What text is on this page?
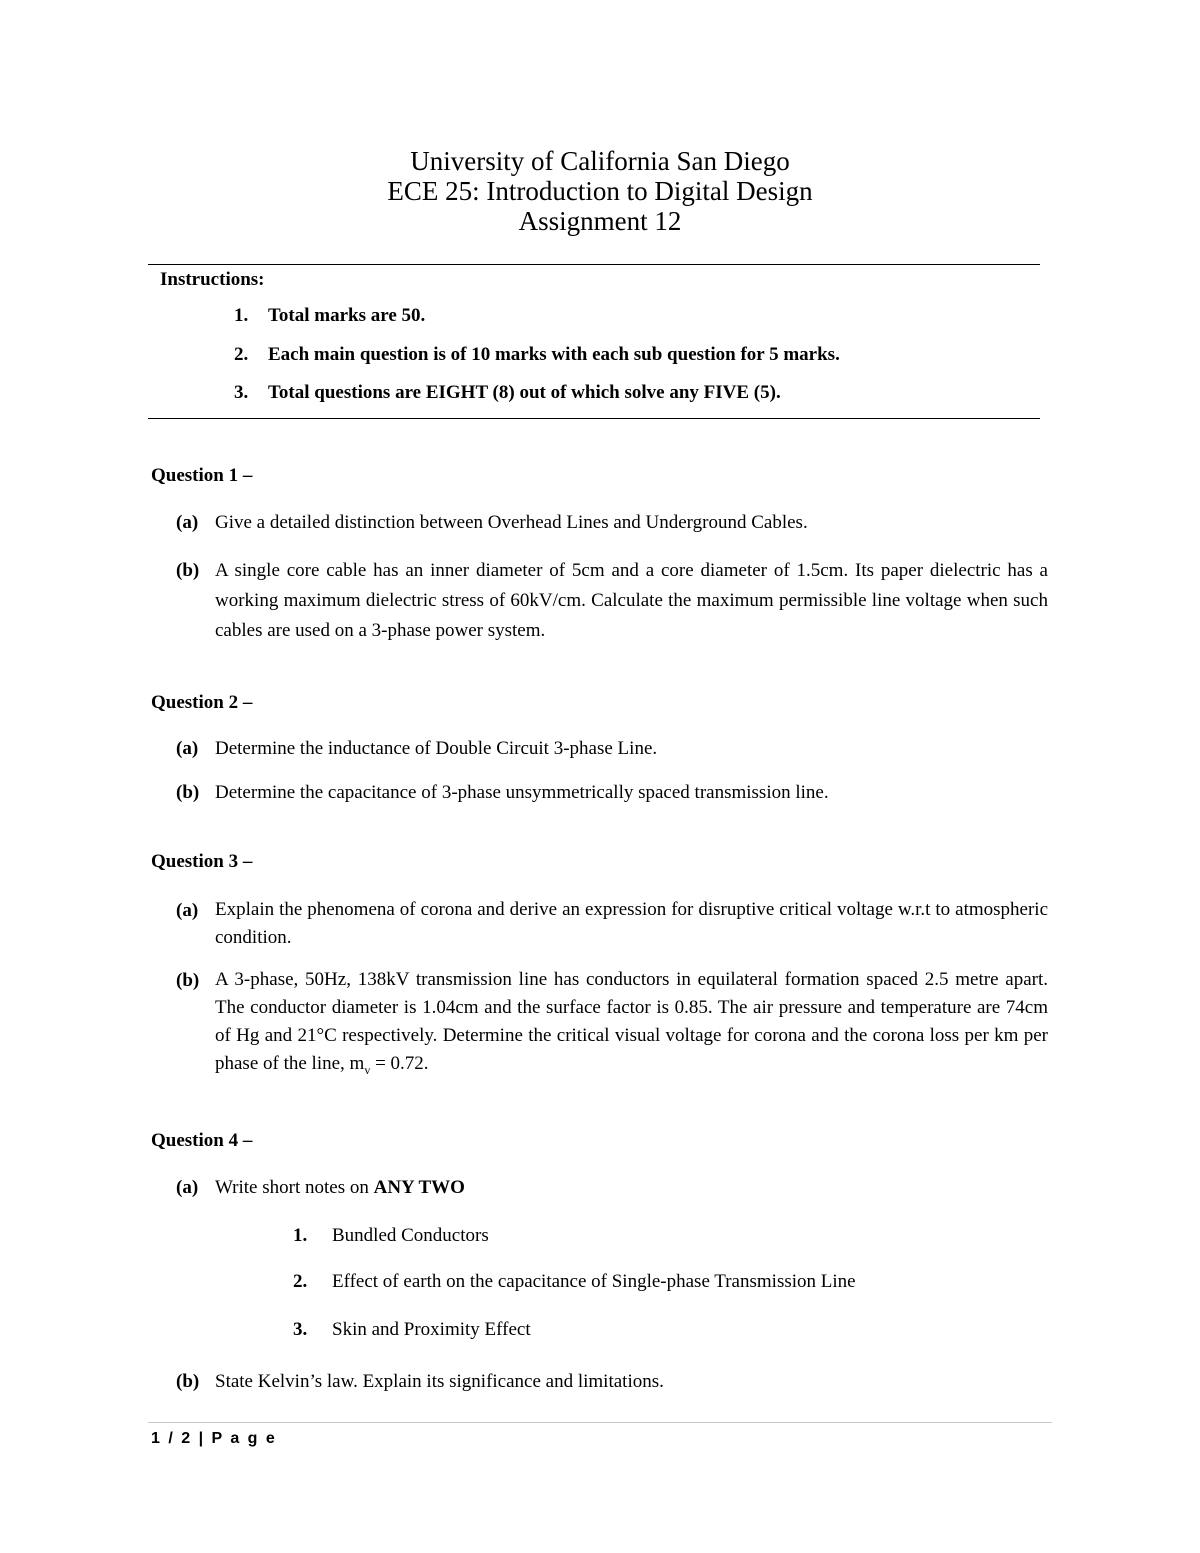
University of California San Diego

ECE 25: Introduction to Digital Design

Assignment 12

Instructions:

1. Total marks are 50.
2. Each main question is of 10 marks with each sub question for 5 marks.
3. Total questions are EIGHT (8) out of which solve any FIVE (5).

Question 1 –

(a) Give a detailed distinction between Overhead Lines and Underground Cables.
(b) A single core cable has an inner diameter of 5cm and a core diameter of 1.5cm. Its paper dielectric has a working maximum dielectric stress of 60kV/cm. Calculate the maximum permissible line voltage when such cables are used on a 3-phase power system.

Question 2 –

(a) Determine the inductance of Double Circuit 3-phase Line.
(b) Determine the capacitance of 3-phase unsymmetrically spaced transmission line.

Question 3 –

(a) Explain the phenomena of corona and derive an expression for disruptive critical voltage w.r.t to atmospheric condition.
(b) A 3-phase, 50Hz, 138kV transmission line has conductors in equilateral formation spaced 2.5 metre apart. The conductor diameter is 1.04cm and the surface factor is 0.85. The air pressure and temperature are 74cm of Hg and 21°C respectively. Determine the critical visual voltage for corona and the corona loss per km per phase of the line, $m_v = 0.72$.

Question 4 –

(a) Write short notes on ANY TWO
1. Bundled Conductors
2. Effect of earth on the capacitance of Single-phase Transmission Line
3. Skin and Proximity Effect
(b) State Kelvin’s law. Explain its significance and limitations.
1 / 2 | P a g e
